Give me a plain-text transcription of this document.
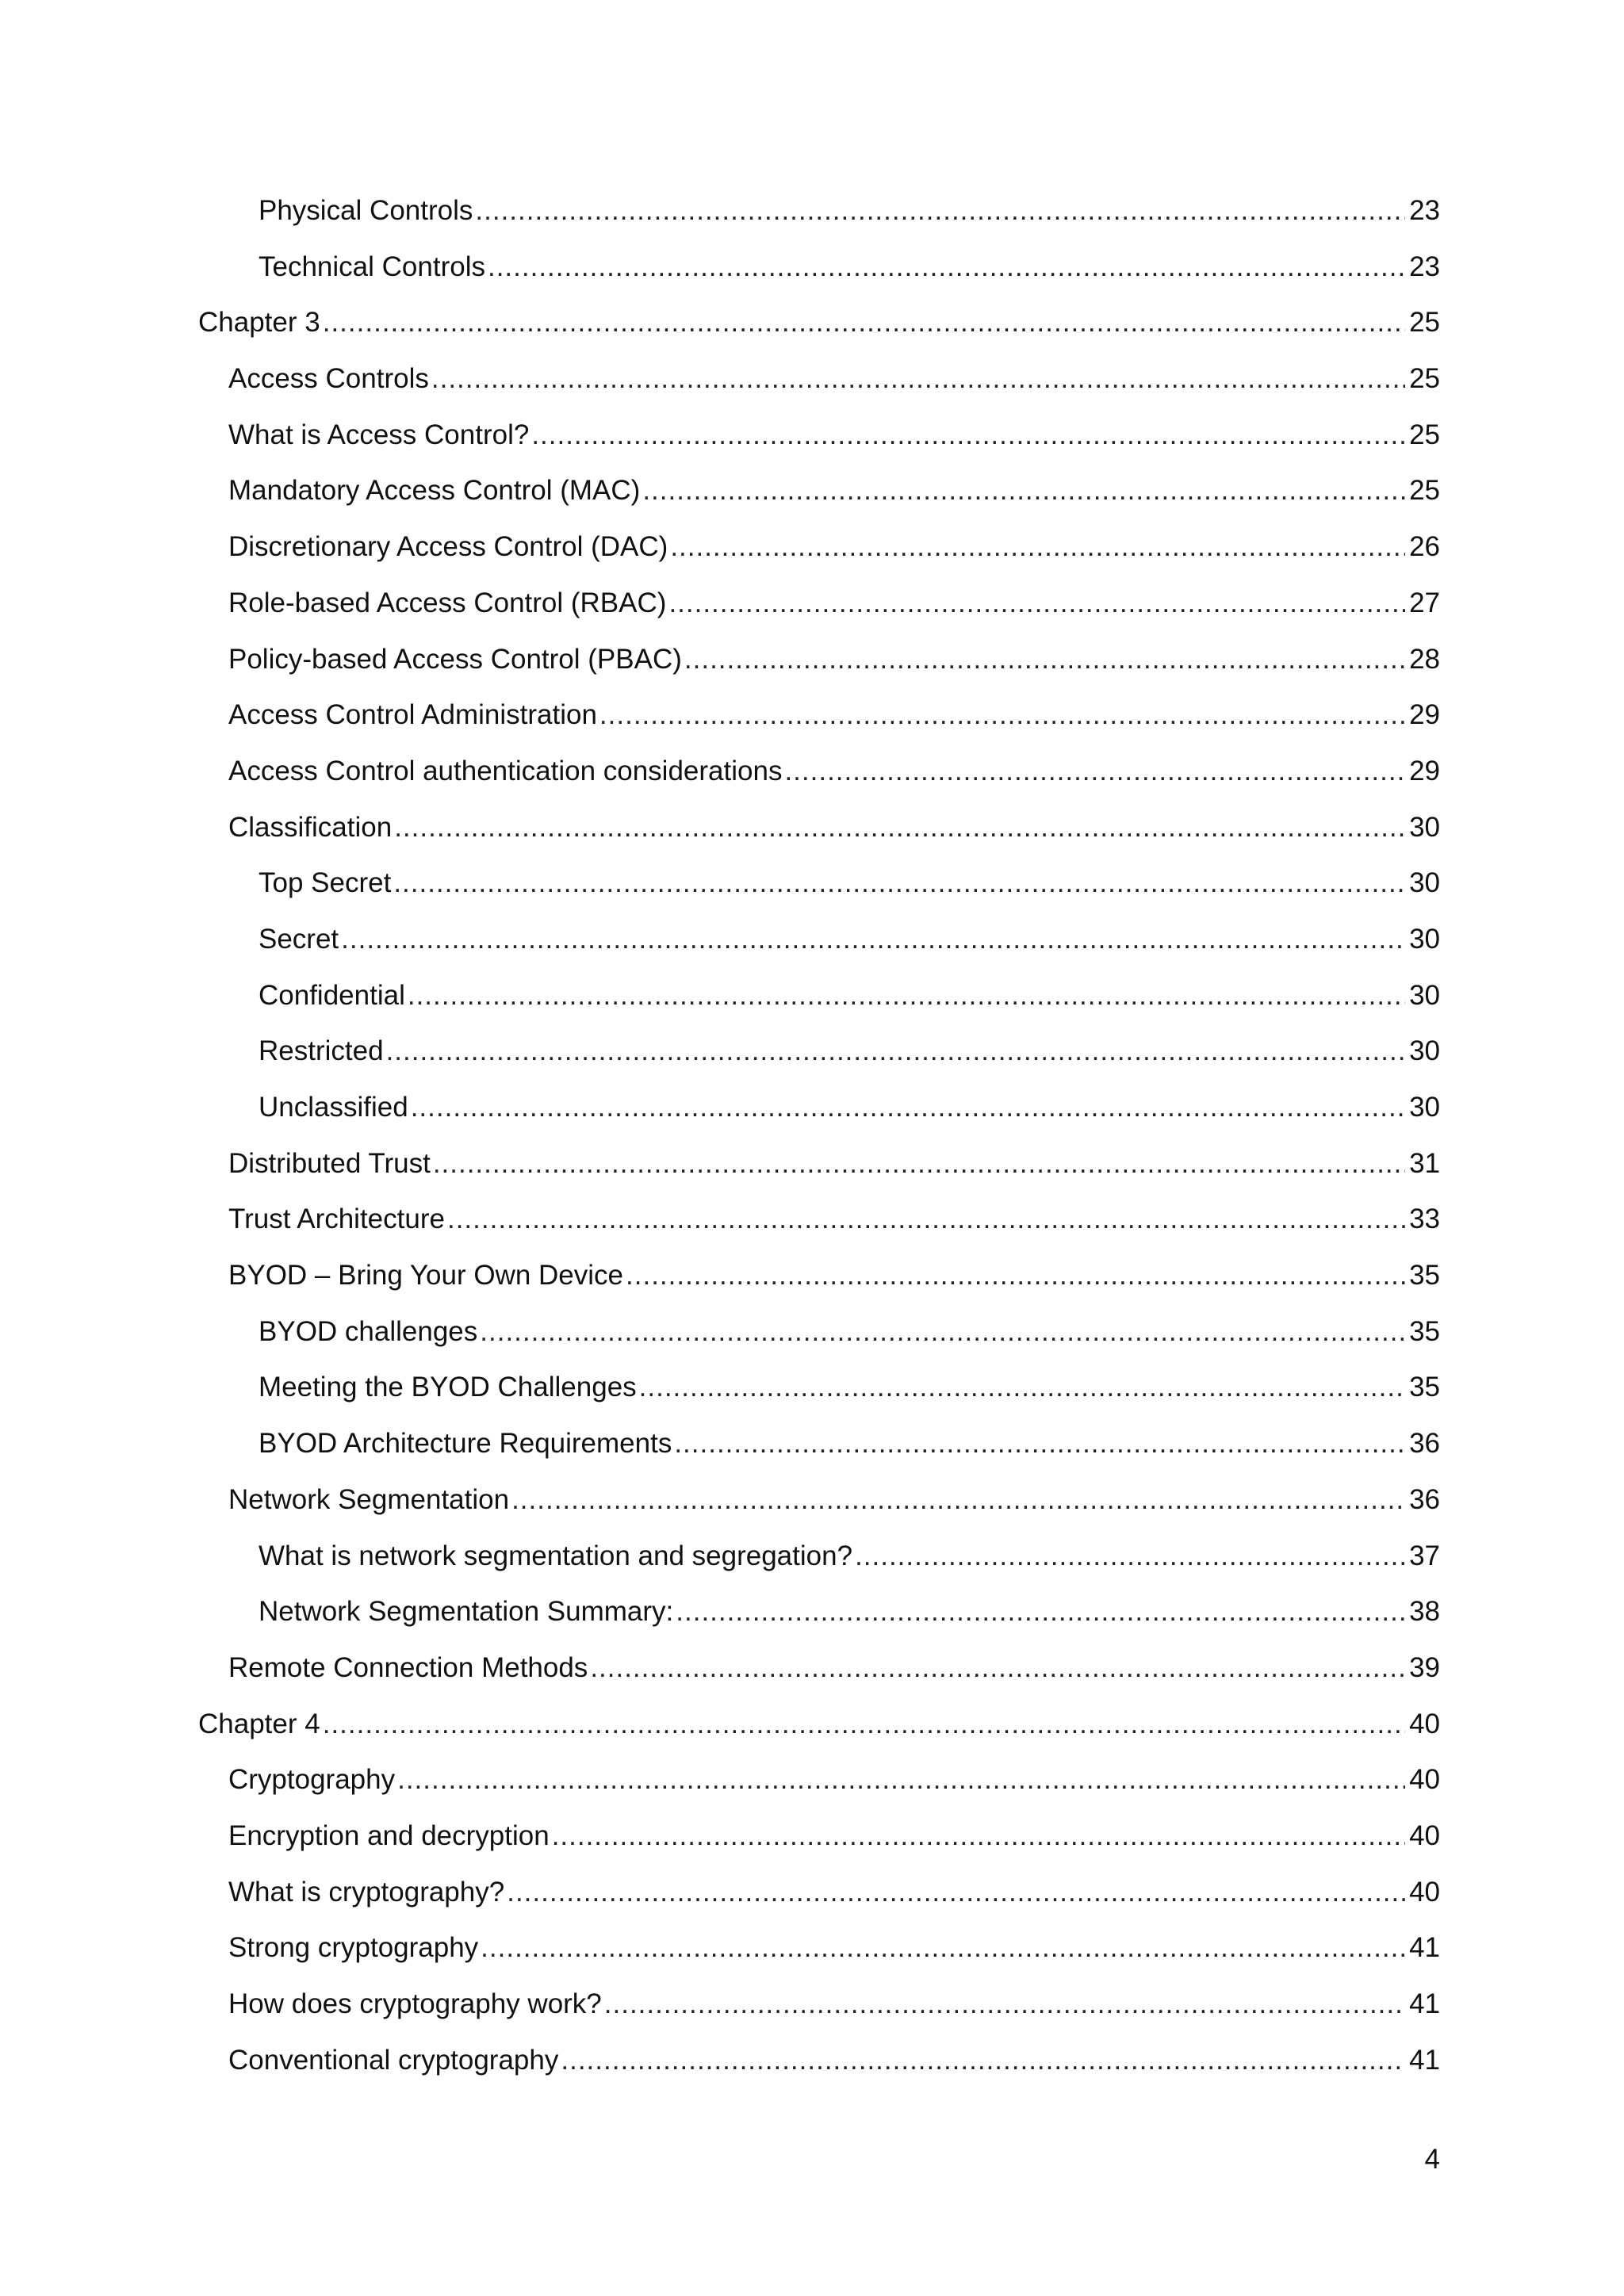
Physical Controls .....	23
Technical Controls .....	23
Chapter 3 .....	25
Access Controls .....	25
What is Access Control? .....	25
Mandatory Access Control (MAC) .....	25
Discretionary Access Control (DAC) .....	26
Role-based Access Control (RBAC) .....	27
Policy-based Access Control (PBAC) .....	28
Access Control Administration .....	29
Access Control authentication considerations .....	29
Classification .....	30
Top Secret .....	30
Secret .....	30
Confidential .....	30
Restricted .....	30
Unclassified .....	30
Distributed Trust .....	31
Trust Architecture .....	33
BYOD – Bring Your Own Device .....	35
BYOD challenges .....	35
Meeting the BYOD Challenges .....	35
BYOD Architecture Requirements .....	36
Network Segmentation .....	36
What is network segmentation and segregation? .....	37
Network Segmentation Summary: .....	38
Remote Connection Methods .....	39
Chapter 4 .....	40
Cryptography .....	40
Encryption and decryption .....	40
What is cryptography? .....	40
Strong cryptography .....	41
How does cryptography work? .....	41
Conventional cryptography .....	41
4
